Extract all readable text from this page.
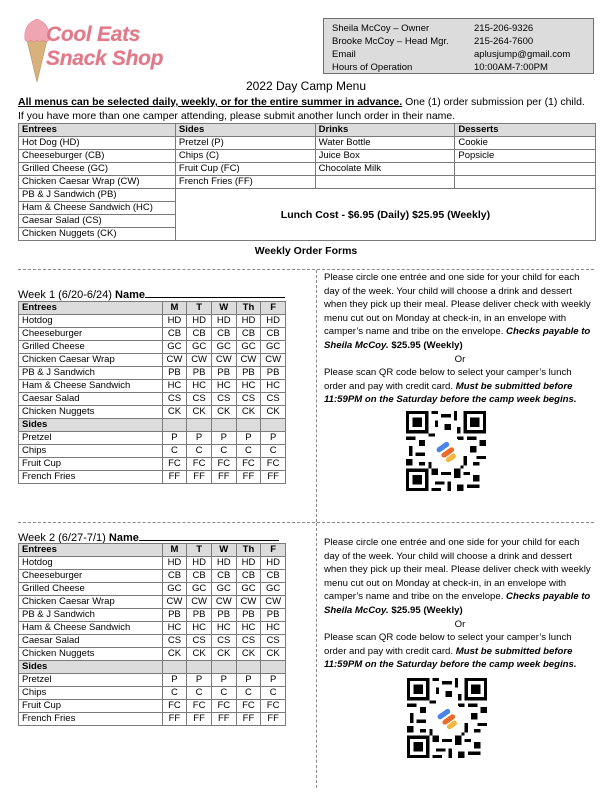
Cool Eats
Snack Shop
Sheila McCoy – Owner	215-206-9326
Brooke McCoy – Head Mgr.	215-264-7600
Email	aplusjump@gmail.com
Hours of Operation	10:00AM-7:00PM
2022 Day Camp Menu
All menus can be selected daily, weekly, or for the entire summer in advance. One (1) order submission per (1) child.
If you have more than one camper attending, please submit another lunch order in their name.
Entrees	Sides	Drinks	Desserts
Hot Dog (HD)	Pretzel (P)	Water Bottle	Cookie
Cheeseburger (CB)	Chips (C)	Juice Box	Popsicle
Grilled Cheese (GC)	Fruit Cup (FC)	Chocolate Milk	
Chicken Caesar Wrap (CW)	French Fries (FF)		
PB & J Sandwich (PB)	Lunch Cost - $6.95 (Daily) $25.95 (Weekly)		
Ham & Cheese Sandwich (HC)			
Caesar Salad (CS)			
Chicken Nuggets (CK)			
Weekly Order Forms
Week 1 (6/20-6/24) Name
Entrees	M	T	W	Th	F
Hotdog	HD	HD	HD	HD	HD
Cheeseburger	CB	CB	CB	CB	CB
Grilled Cheese	GC	GC	GC	GC	GC
Chicken Caesar Wrap	CW	CW	CW	CW	CW
PB & J Sandwich	PB	PB	PB	PB	PB
Ham & Cheese Sandwich	HC	HC	HC	HC	HC
Caesar Salad	CS	CS	CS	CS	CS
Chicken Nuggets	CK	CK	CK	CK	CK
Sides					
Pretzel	P	P	P	P	P
Chips	C	C	C	C	C
Fruit Cup	FC	FC	FC	FC	FC
French Fries	FF	FF	FF	FF	FF
Please circle one entrée and one side for your child for each day of the week. Your child will choose a drink and dessert when they pick up their meal. Please deliver check with weekly menu cut out on Monday at check-in, in an envelope with camper’s name and tribe on the envelope. Checks payable to Sheila McCoy. $25.95 (Weekly)
Or
Please scan QR code below to select your camper’s lunch order and pay with credit card. Must be submitted before 11:59PM on the Saturday before the camp week begins.
Week 2 (6/27-7/1) Name
Entrees	M	T	W	Th	F
Hotdog	HD	HD	HD	HD	HD
Cheeseburger	CB	CB	CB	CB	CB
Grilled Cheese	GC	GC	GC	GC	GC
Chicken Caesar Wrap	CW	CW	CW	CW	CW
PB & J Sandwich	PB	PB	PB	PB	PB
Ham & Cheese Sandwich	HC	HC	HC	HC	HC
Caesar Salad	CS	CS	CS	CS	CS
Chicken Nuggets	CK	CK	CK	CK	CK
Sides					
Pretzel	P	P	P	P	P
Chips	C	C	C	C	C
Fruit Cup	FC	FC	FC	FC	FC
French Fries	FF	FF	FF	FF	FF
Please circle one entrée and one side for your child for each day of the week. Your child will choose a drink and dessert when they pick up their meal. Please deliver check with weekly menu cut out on Monday at check-in, in an envelope with camper’s name and tribe on the envelope. Checks payable to Sheila McCoy. $25.95 (Weekly)
Or
Please scan QR code below to select your camper’s lunch order and pay with credit card. Must be submitted before 11:59PM on the Saturday before the camp week begins.
